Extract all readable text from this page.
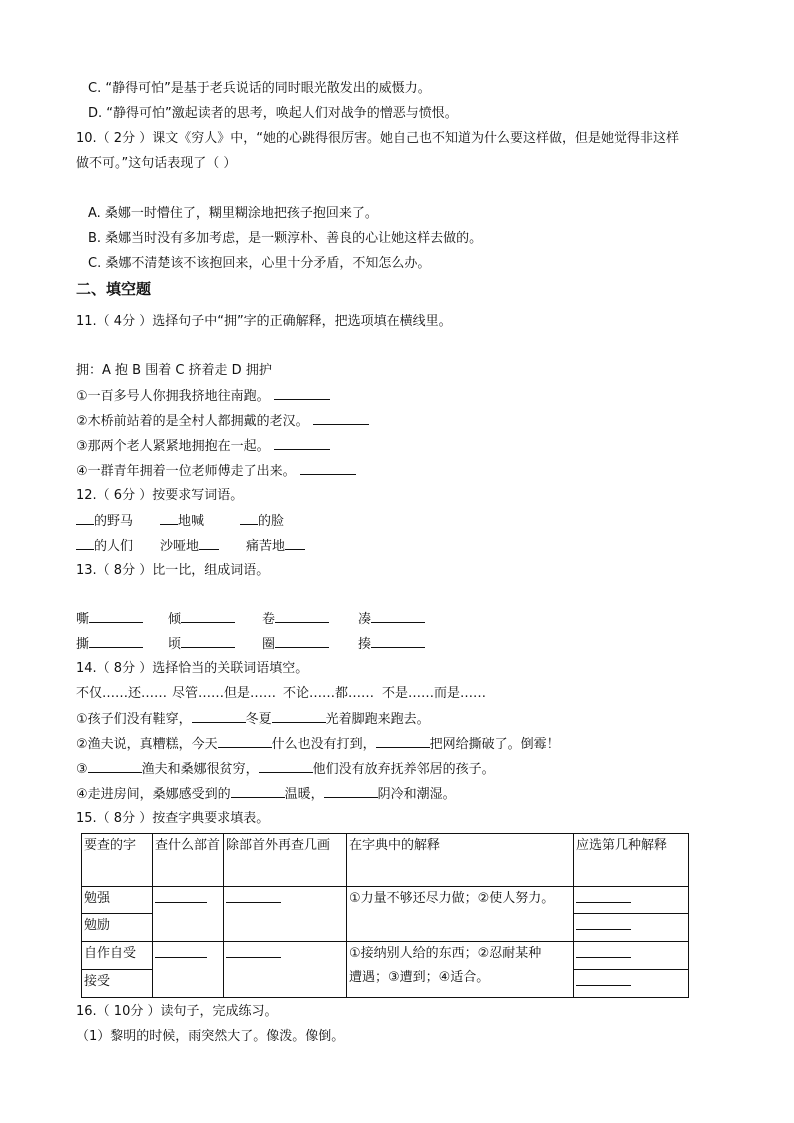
C. “静得可怕”是基于老兵说话的同时眼光散发出的威慑力。
D. “静得可怕”激起读者的思考，唤起人们对战争的憎恶与愤恨。
10.（ 2分 ）课文《穷人》中，“她的心跳得很厉害。她自己也不知道为什么要这样做，但是她觉得非这样
做不可。”这句话表现了（ ）
A. 桑娜一时懵住了，糊里糊涂地把孩子抱回来了。
B. 桑娜当时没有多加考虑，是一颗淳朴、善良的心让她这样去做的。
C. 桑娜不清楚该不该抱回来，心里十分矛盾，不知怎么办。
二、填空题
11.（ 4分 ）选择句子中“拥”字的正确解释，把选项填在横线里。
拥：A 抱 B 围着 C 挤着走 D 拥护
①一百多号人你拥我挤地往南跑。
②木桥前站着的是全村人都拥戴的老汉。
③那两个老人紧紧地拥抱在一起。
④一群青年拥着一位老师傅走了出来。
12.（ 6分 ）按要求写词语。
的野马	地喊	的脸
的人们 沙哑地	痛苦地
13.（ 8分 ）比一比，组成词语。
嘶	倾	卷	凑
撕	顷	圈	揍
14.（ 8分 ）选择恰当的关联词语填空。
不仅……还…… 尽管……但是…… 不论……都…… 不是……而是……
①孩子们没有鞋穿，	冬夏	光着脚跑来跑去。
②渔夫说，真糟糕，今天	什么也没有打到，	把网给撕破了。倒霉！
③	渔夫和桑娜很贫穷，	他们没有放弃抚养邻居的孩子。
④走进房间，桑娜感受到的	温暖，	阴冷和潮湿。
15.（ 8分 ）按查字典要求填表。
要查的字	查什么部首	除部首外再查几画	在字典中的解释	应选第几种解释
勉强			①力量不够还尽力做；②使人努力。	

勉励				

自作自受			①接纳别人给的东西；②忍耐某种
遭遇；③遭到；④适合。	

接受				
16.（ 10分 ）读句子，完成练习。
（1）黎明的时候，雨突然大了。像泼。像倒。
